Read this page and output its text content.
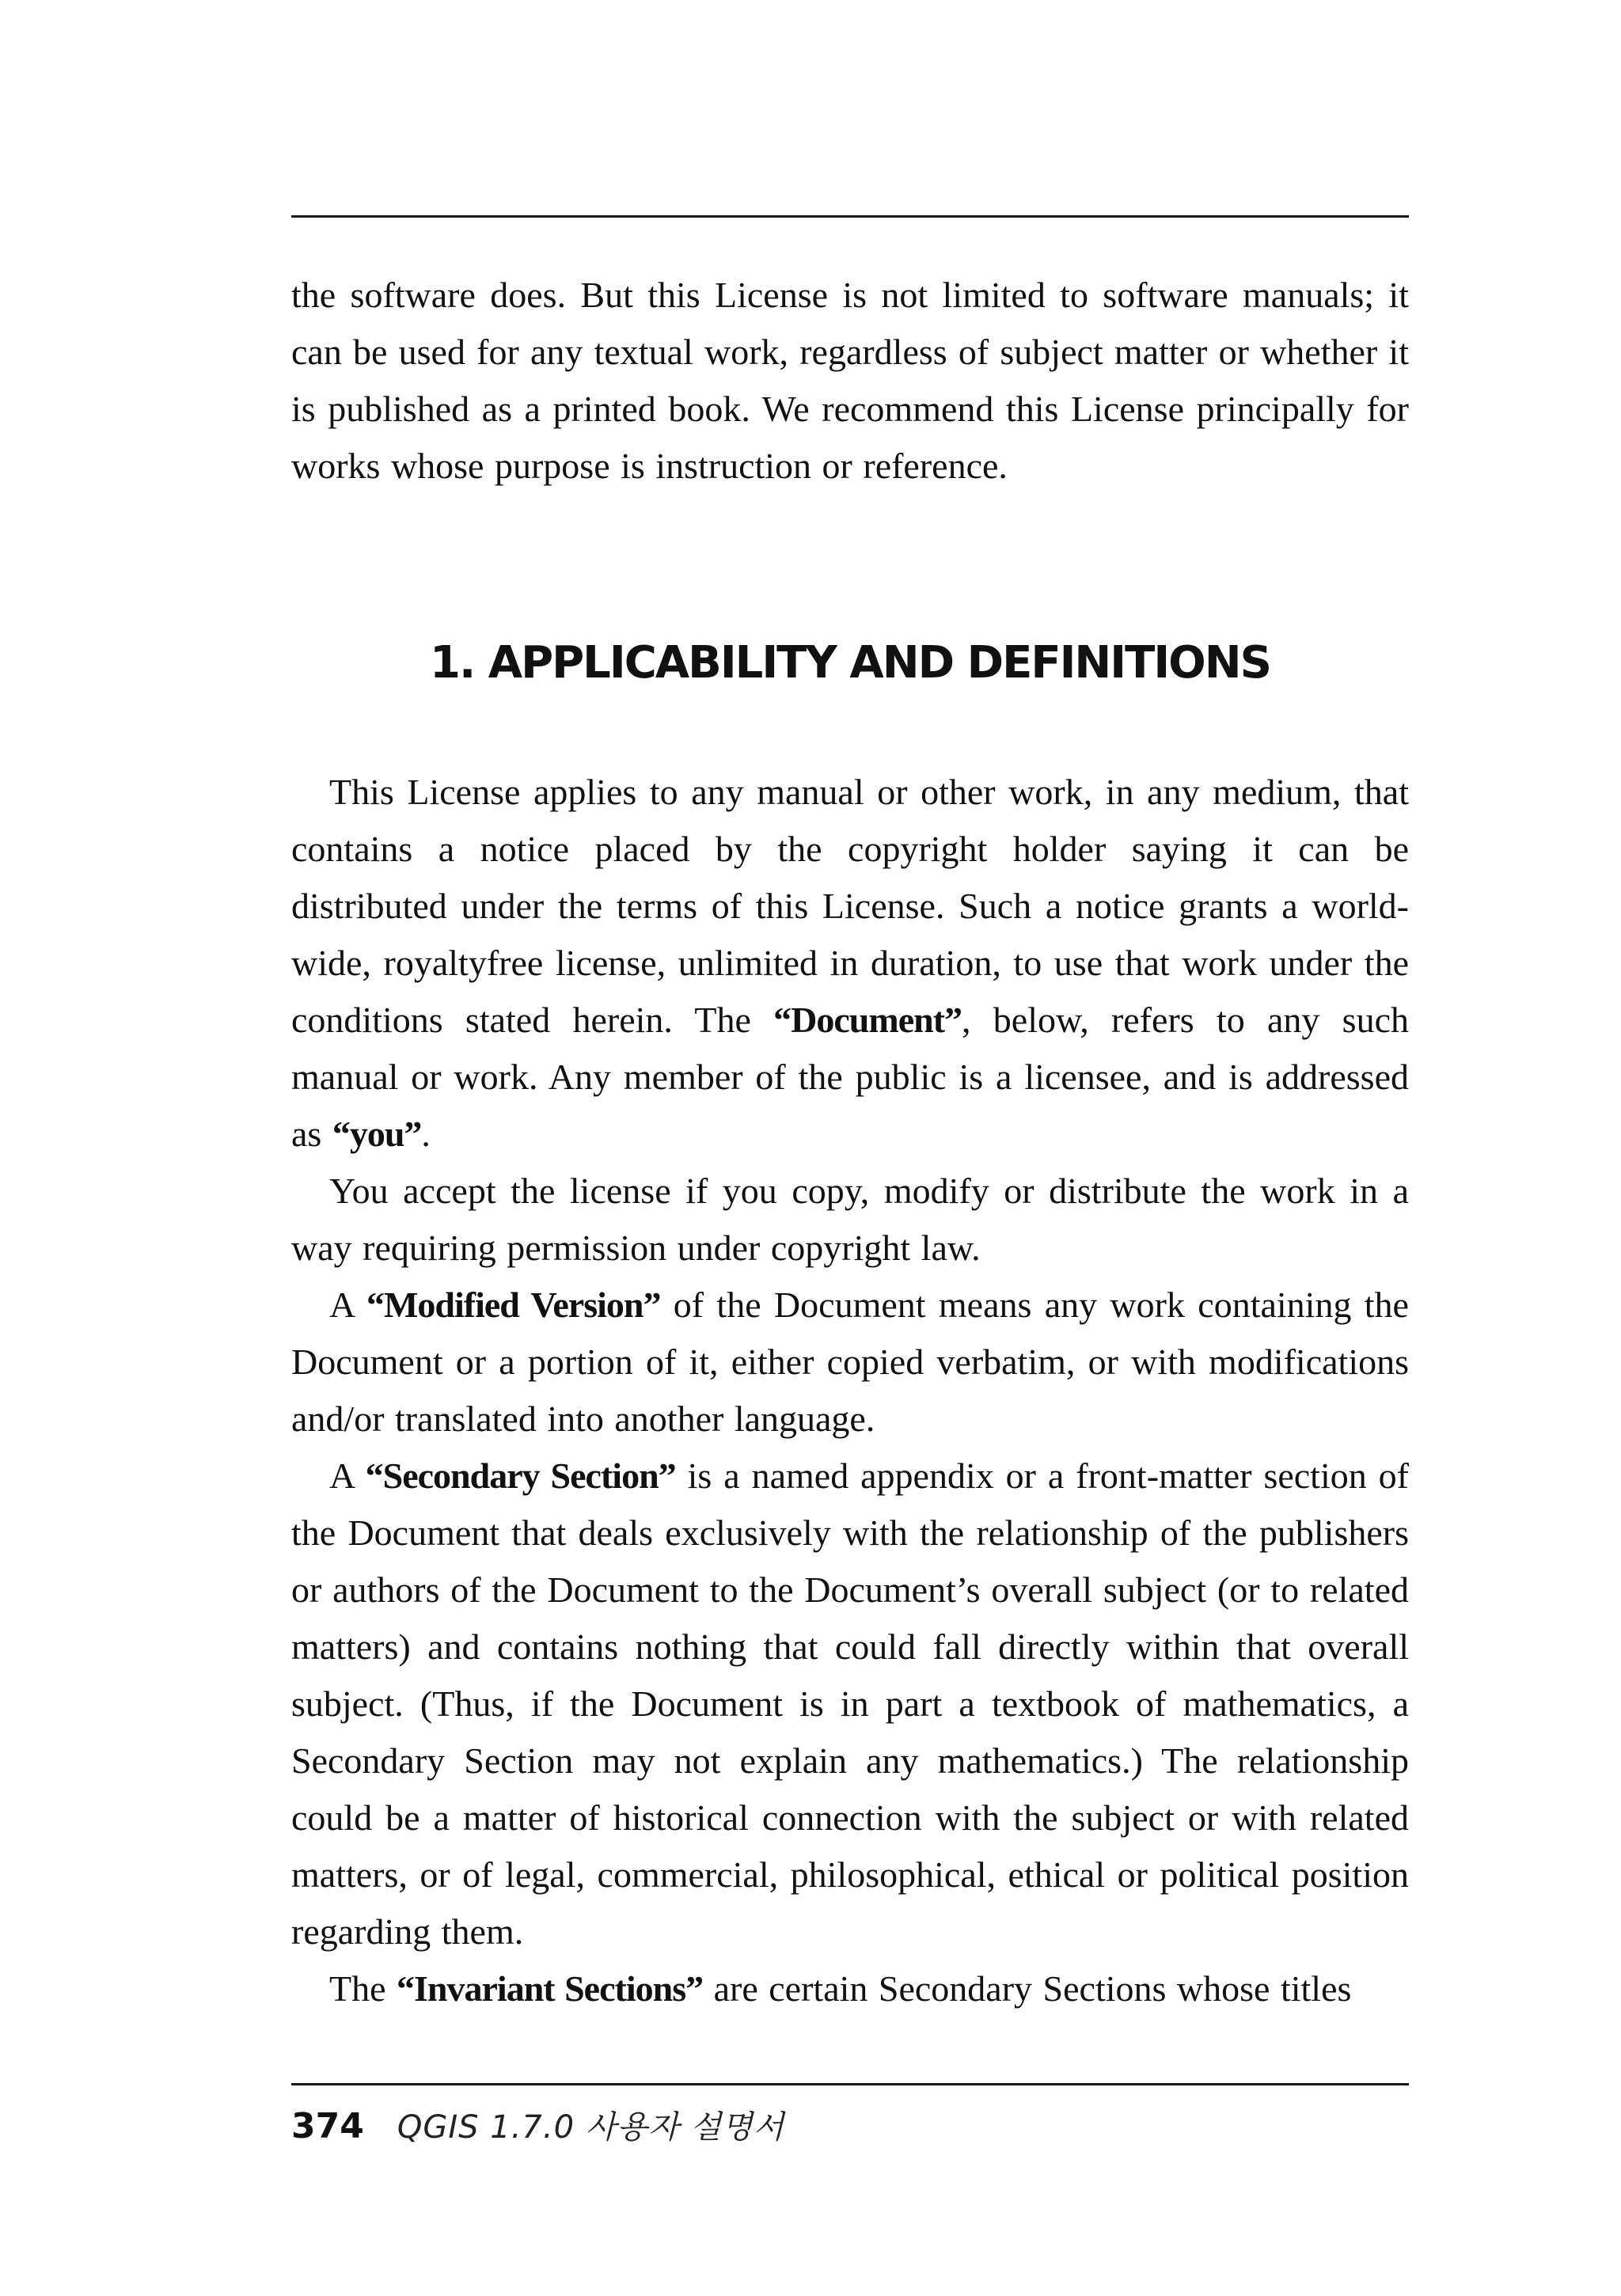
the software does. But this License is not limited to software manuals; it can be used for any textual work, regardless of subject matter or whether it is published as a printed book. We recommend this License principally for works whose purpose is instruction or reference.

1. APPLICABILITY AND DEFINITIONS

This License applies to any manual or other work, in any medium, that contains a notice placed by the copyright holder saying it can be distributed under the terms of this License. Such a notice grants a world-wide, royaltyfree license, unlimited in duration, to use that work under the conditions stated herein. The “Document”, below, refers to any such manual or work. Any member of the public is a licensee, and is addressed as “you”.

You accept the license if you copy, modify or distribute the work in a way requiring permission under copyright law.

A “Modified Version” of the Document means any work containing the Document or a portion of it, either copied verbatim, or with modifications and/or translated into another language.

A “Secondary Section” is a named appendix or a front-matter section of the Document that deals exclusively with the relationship of the publishers or authors of the Document to the Document’s overall subject (or to related matters) and contains nothing that could fall directly within that overall subject. (Thus, if the Document is in part a textbook of mathematics, a Secondary Section may not explain any mathematics.) The relationship could be a matter of historical connection with the subject or with related matters, or of legal, commercial, philosophical, ethical or political position regarding them.

The “Invariant Sections” are certain Secondary Sections whose titles

374 QGIS 1.7.0 사용자 설명서
